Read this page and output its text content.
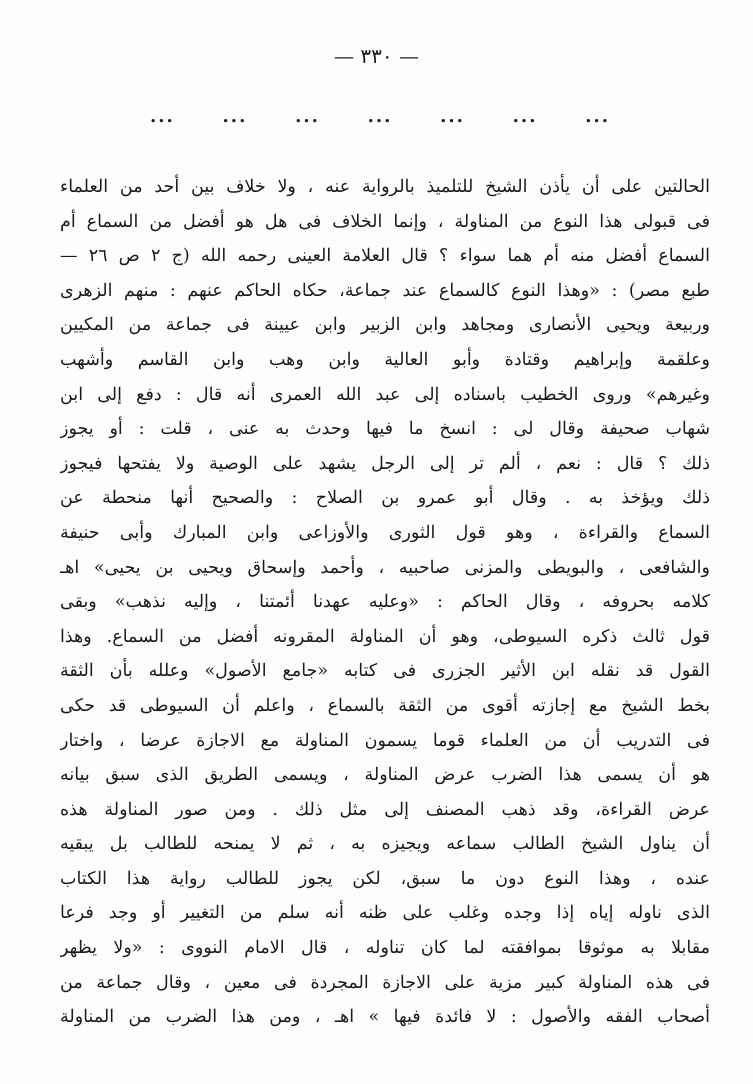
— ٣٣٠ —
...	...	...	...	...	...	...
الحالتين على أن يأذن الشيخ للتلميذ بالرواية عنه ، ولا خلاف بين أحد من العلماء
فى قبولى هذا النوع من المناولة ، وإنما الخلاف فى هل هو أفضل من السماع أم
السماع أفضل منه أم هما سواء ؟ قال العلامة العينى رحمه الله (ج ٢ ص ٢٦ —
طبع مصر) : «وهذا النوع كالسماع عند جماعة، حكاه الحاكم عنهم : منهم الزهرى
وربيعة ويحيى الأنصارى ومجاهد وابن الزبير وابن عيينة فى جماعة من المكيين
وعلقمة وإبراهيم وقتادة وأبو العالية وابن وهب وابن القاسم وأشهب
وغيرهم» وروى الخطيب باسناده إلى عبد الله العمرى أنه قال : دفع إلى ابن
شهاب صحيفة وقال لى : انسخ ما فيها وحدث به عنى ، قلت : أو يجوز
ذلك ؟ قال : نعم ، ألم تر إلى الرجل يشهد على الوصية ولا يفتحها فيجوز
ذلك ويؤخذ به . وقال أبو عمرو بن الصلاح : والصحيح أنها منحطة عن
السماع والقراءة ، وهو قول الثورى والأوزاعى وابن المبارك وأبى حنيفة
والشافعى ، والبويطى والمزنى صاحبيه ، وأحمد وإسحاق ويحيى بن يحيى» اهـ
كلامه بحروفه ، وقال الحاكم : «وعليه عهدنا أئمتنا ، وإليه نذهب» وبقى
قول ثالث ذكره السيوطى، وهو أن المناولة المقرونه أفضل من السماع. وهذا
القول قد نقله ابن الأثير الجزرى فى كتابه «جامع الأصول» وعلله بأن الثقة
بخط الشيخ مع إجازته أقوى من الثقة بالسماع ، واعلم أن السيوطى قد حكى
فى التدريب أن من العلماء قوما يسمون المناولة مع الاجازة عرضا ، واختار
هو أن يسمى هذا الضرب عرض المناولة ، ويسمى الطريق الذى سبق بيانه
عرض القراءة، وقد ذهب المصنف إلى مثل ذلك . ومن صور المناولة هذه
أن يناول الشيخ الطالب سماعه ويجيزه به ، ثم لا يمنحه للطالب بل يبقيه
عنده ، وهذا النوع دون ما سبق، لكن يجوز للطالب رواية هذا الكتاب
الذى ناوله إياه إذا وجده وغلب على ظنه أنه سلم من التغيير أو وجد فرعا
مقابلا به موثوقا بموافقته لما كان تناوله ، قال الامام النووى : «ولا يظهر
فى هذه المناولة كبير مزية على الاجازة المجردة فى معين ، وقال جماعة من
أصحاب الفقه والأصول : لا فائدة فيها » اهـ ، ومن هذا الضرب من المناولة
